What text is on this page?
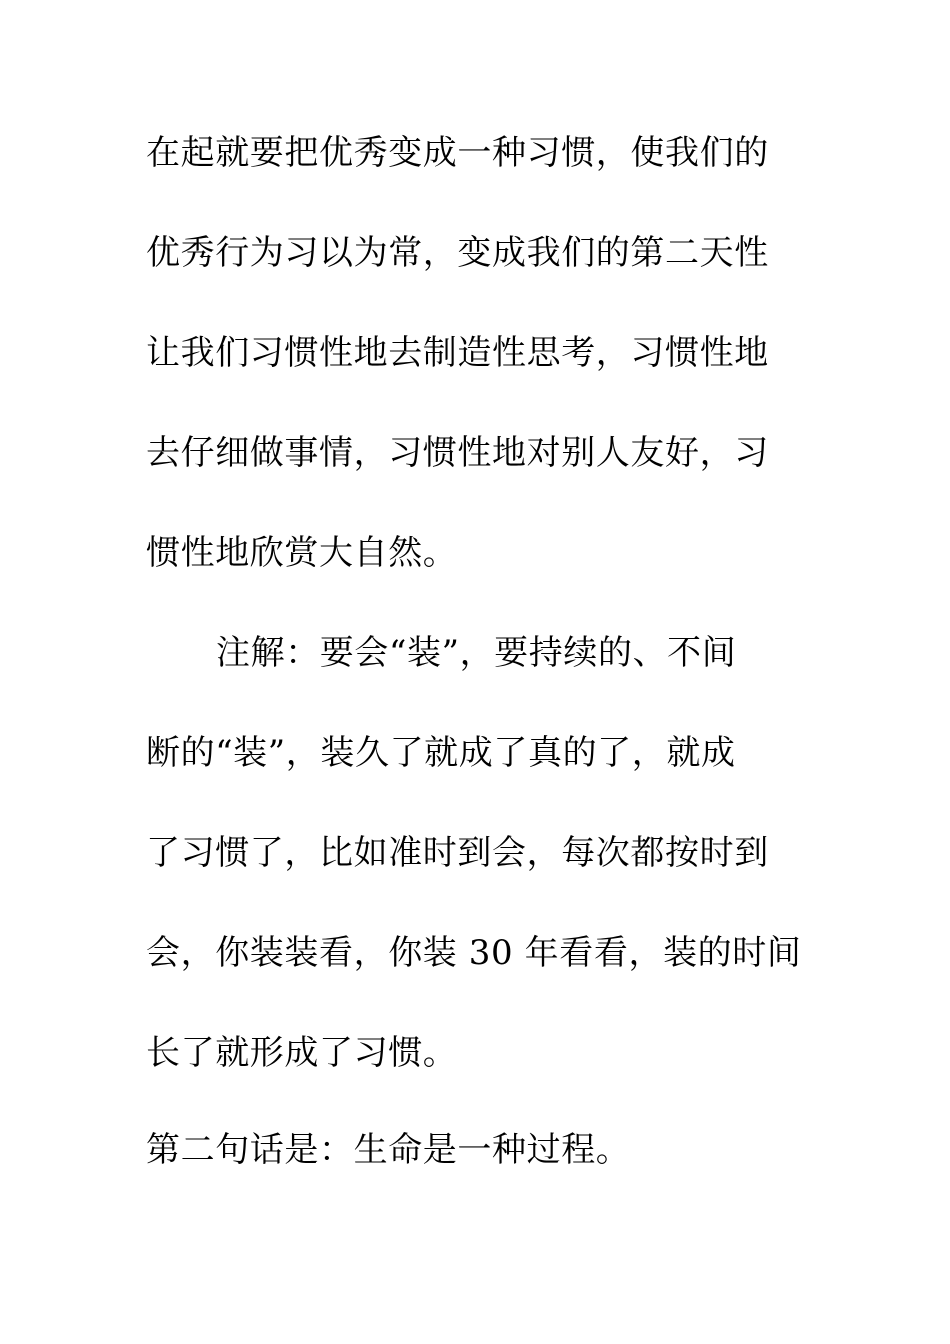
在起就要把优秀变成一种习惯，使我们的
优秀行为习以为常，变成我们的第二天性
让我们习惯性地去制造性思考，习惯性地
去仔细做事情，习惯性地对别人友好，习
惯性地欣赏大自然。
注解：要会“装”，要持续的、不间
断的“装”，装久了就成了真的了，就成
了习惯了，比如准时到会，每次都按时到
会，你装装看，你装 30 年看看，装的时间
长了就形成了习惯。
第二句话是：生命是一种过程。
